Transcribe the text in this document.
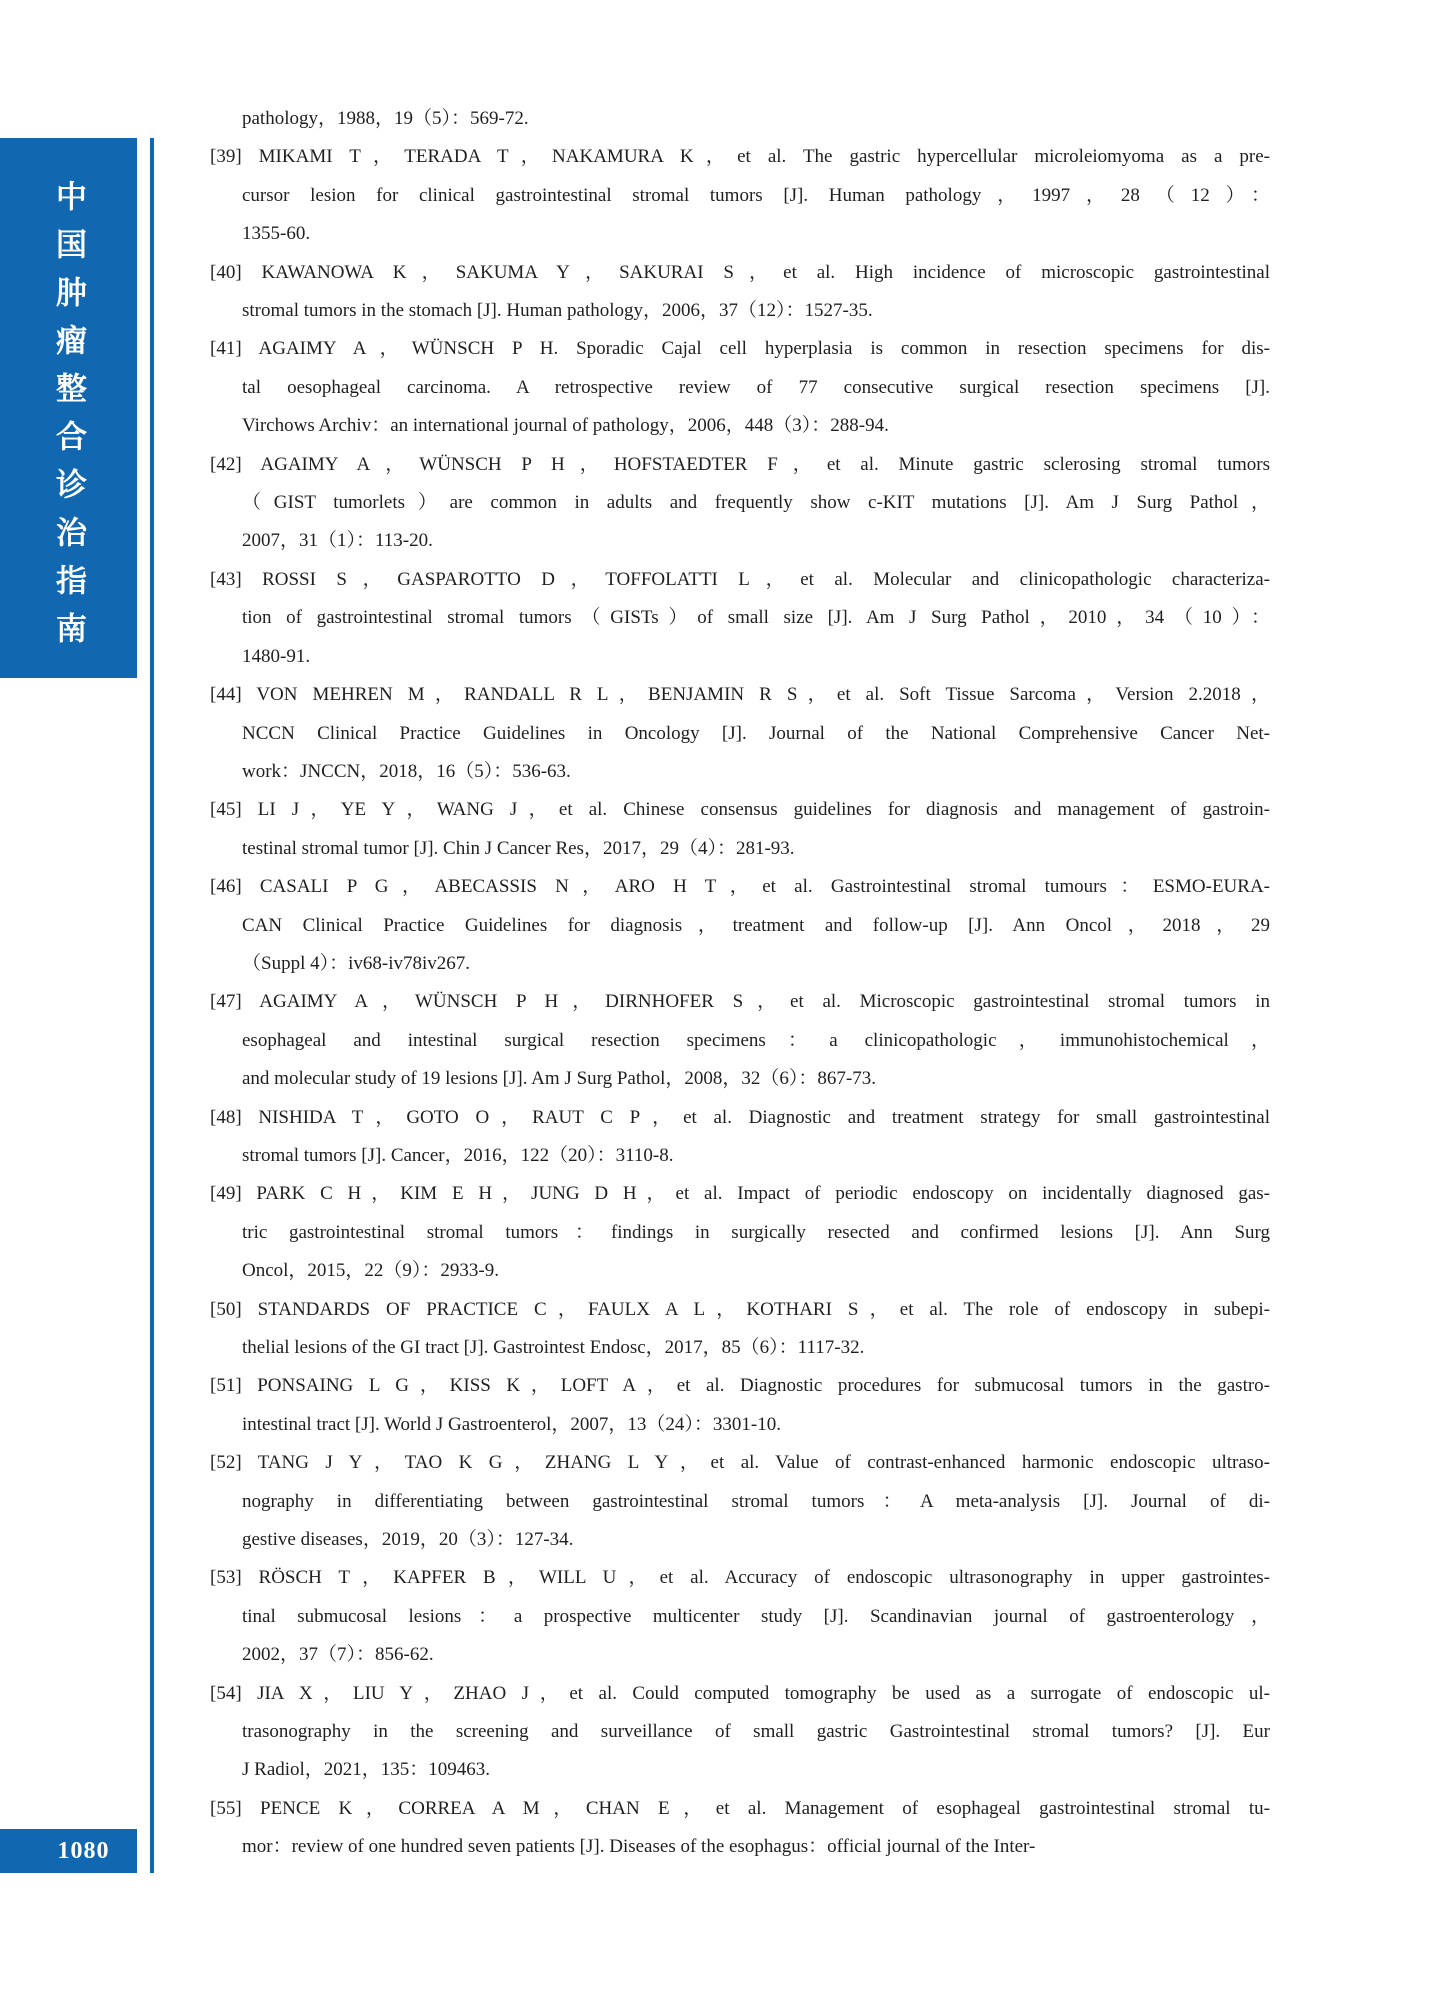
中国肿瘤整合诊治指南
1080
pathology，1988，19（5）：569-72.
[39] MIKAMI T，TERADA T，NAKAMURA K，et al. The gastric hypercellular microleiomyoma as a pre-
cursor lesion for clinical gastrointestinal stromal tumors [J]. Human pathology，1997，28（12）：
1355-60.
[40] KAWANOWA K，SAKUMA Y，SAKURAI S，et al. High incidence of microscopic gastrointestinal
stromal tumors in the stomach [J]. Human pathology，2006，37（12）：1527-35.
[41] AGAIMY A，WÜNSCH P H. Sporadic Cajal cell hyperplasia is common in resection specimens for dis-
tal oesophageal carcinoma. A retrospective review of 77 consecutive surgical resection specimens [J].
Virchows Archiv：an international journal of pathology，2006，448（3）：288-94.
[42] AGAIMY A，WÜNSCH P H，HOFSTAEDTER F，et al. Minute gastric sclerosing stromal tumors
（GIST tumorlets）are common in adults and frequently show c-KIT mutations [J]. Am J Surg Pathol，
2007，31（1）：113-20.
[43] ROSSI S，GASPAROTTO D，TOFFOLATTI L，et al. Molecular and clinicopathologic characteriza-
tion of gastrointestinal stromal tumors（GISTs）of small size [J]. Am J Surg Pathol，2010，34（10）：
1480-91.
[44] VON MEHREN M，RANDALL R L，BENJAMIN R S，et al. Soft Tissue Sarcoma，Version 2.2018，
NCCN Clinical Practice Guidelines in Oncology [J]. Journal of the National Comprehensive Cancer Net-
work：JNCCN，2018，16（5）：536-63.
[45] LI J，YE Y，WANG J，et al. Chinese consensus guidelines for diagnosis and management of gastroin-
testinal stromal tumor [J]. Chin J Cancer Res，2017，29（4）：281-93.
[46] CASALI P G，ABECASSIS N，ARO H T，et al. Gastrointestinal stromal tumours：ESMO-EURA-
CAN Clinical Practice Guidelines for diagnosis，treatment and follow-up [J]. Ann Oncol，2018，29
（Suppl 4）：iv68-iv78iv267.
[47] AGAIMY A，WÜNSCH P H，DIRNHOFER S，et al. Microscopic gastrointestinal stromal tumors in
esophageal and intestinal surgical resection specimens：a clinicopathologic，immunohistochemical，
and molecular study of 19 lesions [J]. Am J Surg Pathol，2008，32（6）：867-73.
[48] NISHIDA T，GOTO O，RAUT C P，et al. Diagnostic and treatment strategy for small gastrointestinal
stromal tumors [J]. Cancer，2016，122（20）：3110-8.
[49] PARK C H，KIM E H，JUNG D H，et al. Impact of periodic endoscopy on incidentally diagnosed gas-
tric gastrointestinal stromal tumors：findings in surgically resected and confirmed lesions [J]. Ann Surg
Oncol，2015，22（9）：2933-9.
[50] STANDARDS OF PRACTICE C，FAULX A L，KOTHARI S，et al. The role of endoscopy in subepi-
thelial lesions of the GI tract [J]. Gastrointest Endosc，2017，85（6）：1117-32.
[51] PONSAING L G，KISS K，LOFT A，et al. Diagnostic procedures for submucosal tumors in the gastro-
intestinal tract [J]. World J Gastroenterol，2007，13（24）：3301-10.
[52] TANG J Y，TAO K G，ZHANG L Y，et al. Value of contrast-enhanced harmonic endoscopic ultraso-
nography in differentiating between gastrointestinal stromal tumors：A meta-analysis [J]. Journal of di-
gestive diseases，2019，20（3）：127-34.
[53] RÖSCH T，KAPFER B，WILL U，et al. Accuracy of endoscopic ultrasonography in upper gastrointes-
tinal submucosal lesions：a prospective multicenter study [J]. Scandinavian journal of gastroenterology，
2002，37（7）：856-62.
[54] JIA X，LIU Y，ZHAO J，et al. Could computed tomography be used as a surrogate of endoscopic ul-
trasonography in the screening and surveillance of small gastric Gastrointestinal stromal tumors? [J]. Eur
J Radiol，2021，135：109463.
[55] PENCE K，CORREA A M，CHAN E，et al. Management of esophageal gastrointestinal stromal tu-
mor：review of one hundred seven patients [J]. Diseases of the esophagus：official journal of the Inter-
